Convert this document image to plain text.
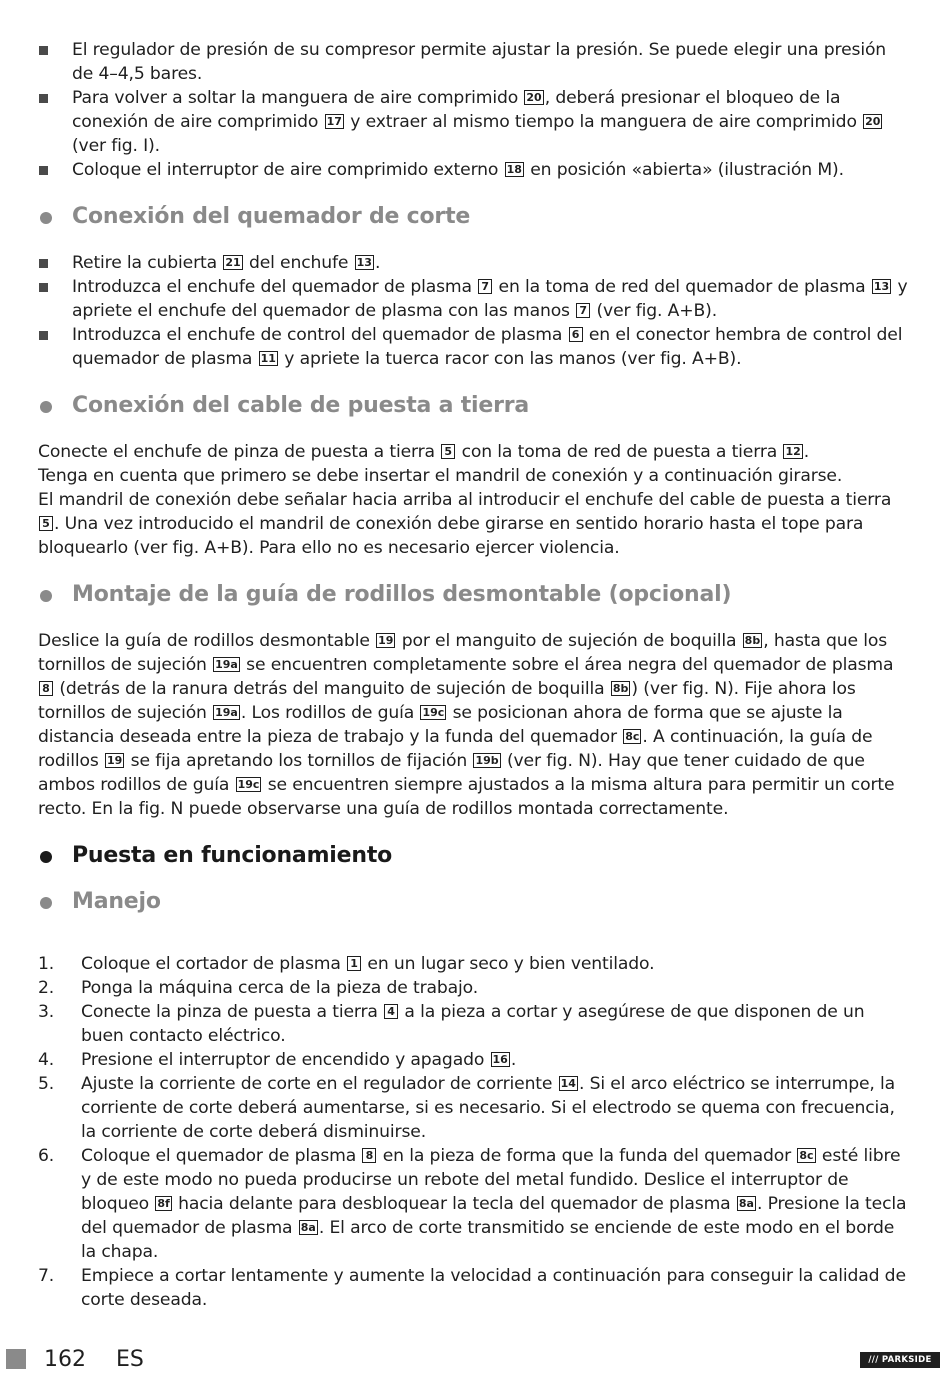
El regulador de presión de su compresor permite ajustar la presión. Se puede elegir una presión de 4–4,5 bares.
Para volver a soltar la manguera de aire comprimido 20 , deberá presionar el bloqueo de la conexión de aire comprimido 17 y extraer al mismo tiempo la manguera de aire comprimido 20 (ver fig. I).
Coloque el interruptor de aire comprimido externo 18 en posición «abierta» (ilustración M).
Conexión del quemador de corte
Retire la cubierta 21 del enchufe 13 .
Introduzca el enchufe del quemador de plasma 7 en la toma de red del quemador de plasma 13 y apriete el enchufe del quemador de plasma con las manos 7 (ver fig. A+B).
Introduzca el enchufe de control del quemador de plasma 6 en el conector hembra de control del quemador de plasma 11 y apriete la tuerca racor con las manos (ver fig. A+B).
Conexión del cable de puesta a tierra

Conecte el enchufe de pinza de puesta a tierra 5 con la toma de red de puesta a tierra 12 .

Tenga en cuenta que primero se debe insertar el mandril de conexión y a continuación girarse.

El mandril de conexión debe señalar hacia arriba al introducir el enchufe del cable de puesta a tierra 5 . Una vez introducido el mandril de conexión debe girarse en sentido horario hasta el tope para bloquearlo (ver fig. A+B). Para ello no es necesario ejercer violencia.

Montaje de la guía de rodillos desmontable (opcional)

Deslice la guía de rodillos desmontable 19 por el manguito de sujeción de boquilla 8b , hasta que los tornillos de sujeción 19a se encuentren completamente sobre el área negra del quemador de plasma 8 (detrás de la ranura detrás del manguito de sujeción de boquilla 8b ) (ver fig. N). Fije ahora los tornillos de sujeción 19a . Los rodillos de guía 19c se posicionan ahora de forma que se ajuste la distancia deseada entre la pieza de trabajo y la funda del quemador 8c . A continuación, la guía de rodillos 19 se fija apretando los tornillos de fijación 19b (ver fig. N). Hay que tener cuidado de que ambos rodillos de guía 19c se encuentren siempre ajustados a la misma altura para permitir un corte recto. En la fig. N puede observarse una guía de rodillos montada correctamente.

Puesta en funcionamiento
Manejo
1. Coloque el cortador de plasma 1 en un lugar seco y bien ventilado.
2. Ponga la máquina cerca de la pieza de trabajo.
3. Conecte la pinza de puesta a tierra 4 a la pieza a cortar y asegúrese de que disponen de un buen contacto eléctrico.
4. Presione el interruptor de encendido y apagado 16 .
5. Ajuste la corriente de corte en el regulador de corriente 14 . Si el arco eléctrico se interrumpe, la corriente de corte deberá aumentarse, si es necesario. Si el electrodo se quema con frecuencia, la corriente de corte deberá disminuirse.
6. Coloque el quemador de plasma 8 en la pieza de forma que la funda del quemador 8c esté libre y de este modo no pueda producirse un rebote del metal fundido. Deslice el interruptor de bloqueo 8f hacia delante para desbloquear la tecla del quemador de plasma 8a . Presione la tecla del quemador de plasma 8a . El arco de corte transmitido se enciende de este modo en el borde la chapa.
7. Empiece a cortar lentamente y aumente la velocidad a continuación para conseguir la calidad de corte deseada.
162 ES	/// PARKSIDE
